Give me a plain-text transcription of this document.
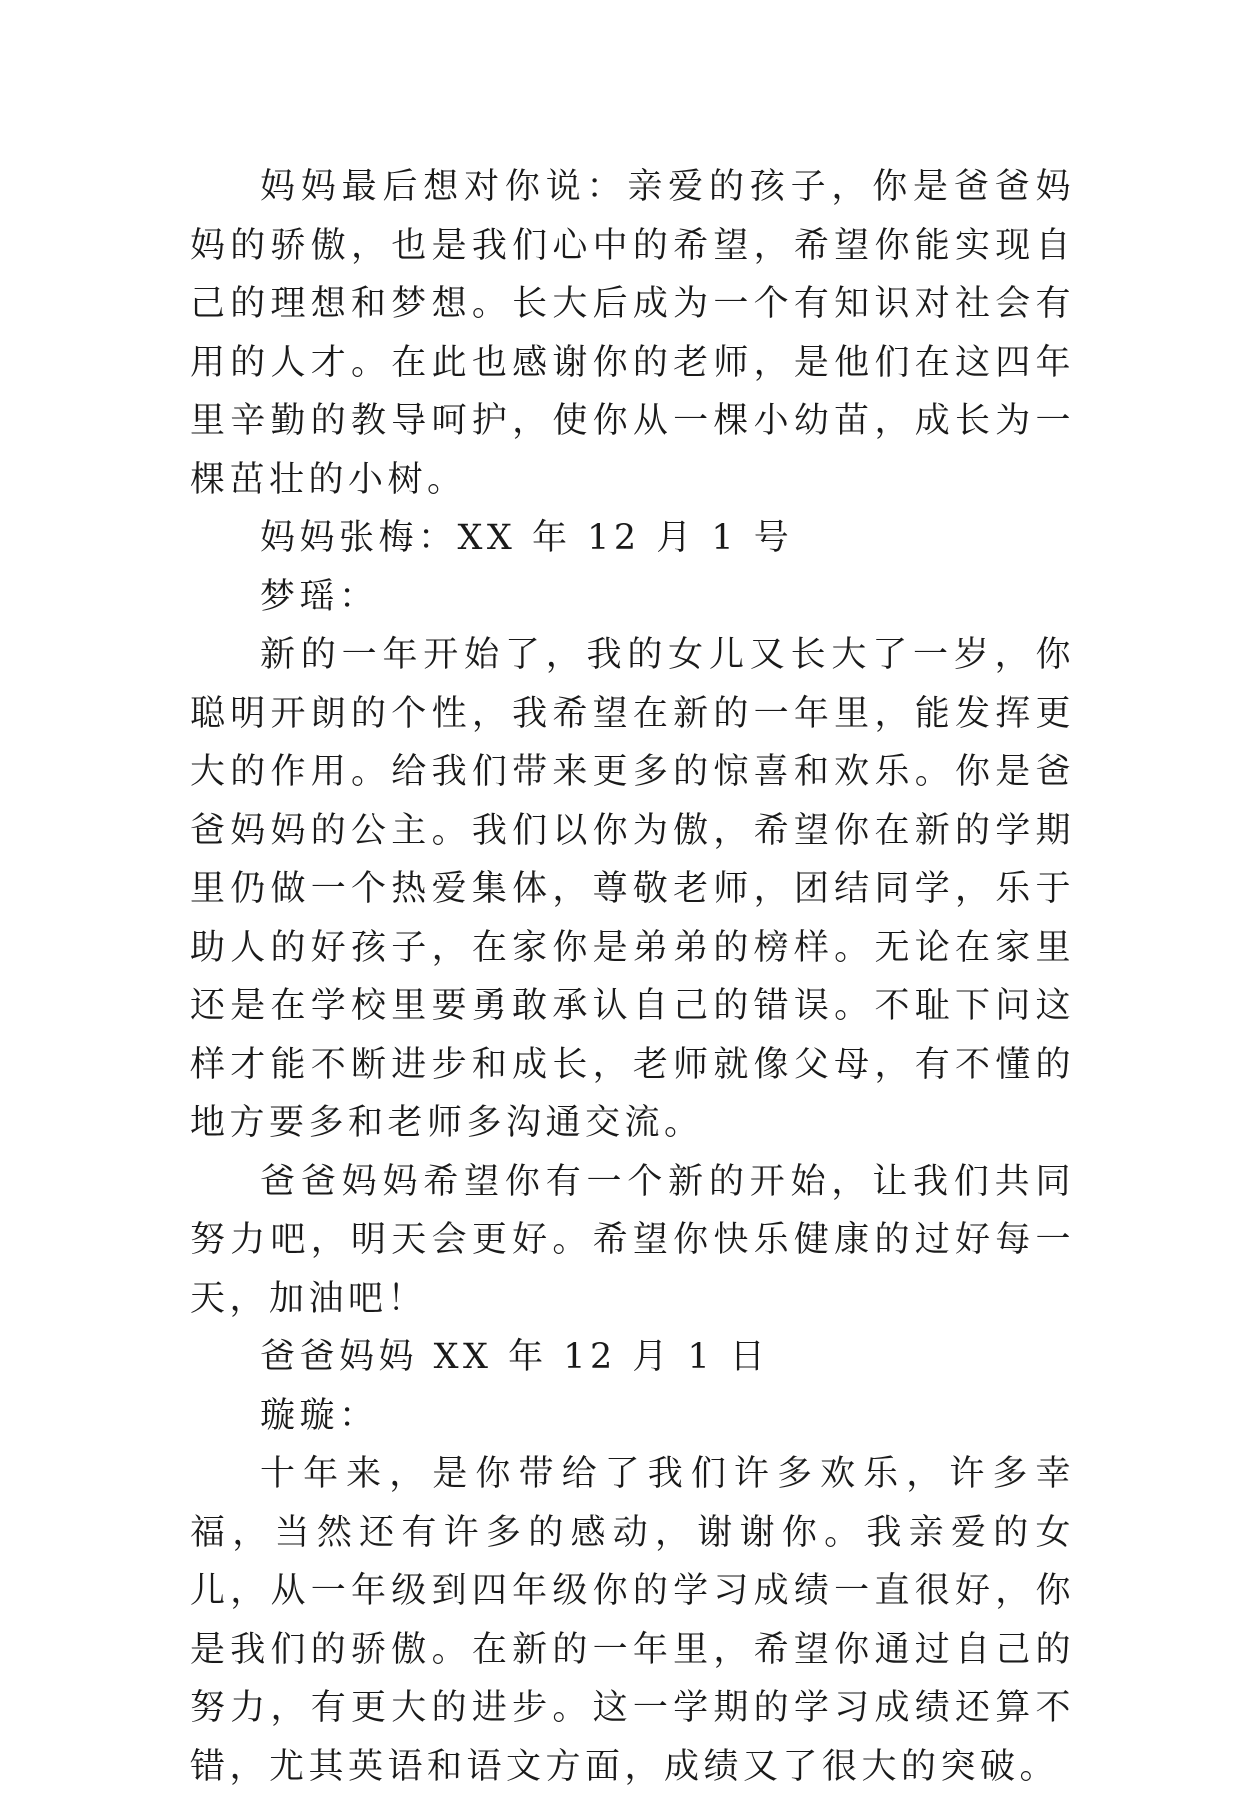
妈妈最后想对你说：亲爱的孩子，你是爸爸妈妈的骄傲，也是我们心中的希望，希望你能实现自己的理想和梦想。长大后成为一个有知识对社会有用的人才。在此也感谢你的老师，是他们在这四年里辛勤的教导呵护，使你从一棵小幼苗，成长为一棵茁壮的小树。

妈妈张梅：XX 年 12 月 1 号

梦瑶：

新的一年开始了，我的女儿又长大了一岁，你聪明开朗的个性，我希望在新的一年里，能发挥更大的作用。给我们带来更多的惊喜和欢乐。你是爸爸妈妈的公主。我们以你为傲，希望你在新的学期里仍做一个热爱集体，尊敬老师，团结同学，乐于助人的好孩子，在家你是弟弟的榜样。无论在家里还是在学校里要勇敢承认自己的错误。不耻下问这样才能不断进步和成长，老师就像父母，有不懂的地方要多和老师多沟通交流。

爸爸妈妈希望你有一个新的开始，让我们共同努力吧，明天会更好。希望你快乐健康的过好每一天，加油吧！

爸爸妈妈 XX 年 12 月 1 日

璇璇：

十年来，是你带给了我们许多欢乐，许多幸福，当然还有许多的感动，谢谢你。我亲爱的女儿，从一年级到四年级你的学习成绩一直很好，你是我们的骄傲。在新的一年里，希望你通过自己的努力，有更大的进步。这一学期的学习成绩还算不错，尤其英语和语文方面，成绩又了很大的突破。
